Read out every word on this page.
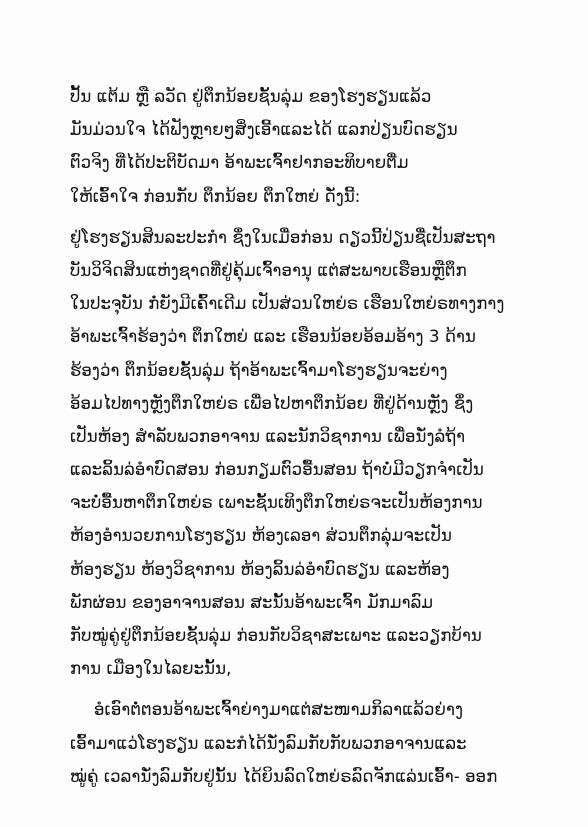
ປັ້ນ ແຕ້ມ ຫຼື ລວັດ ຢູ່ຕຶກນ້ອຍຊັ້ນລຸ່ມ ຂອງໂຮງຮຽນແລ້ວ
ມັນມ່ວນໃຈ ໄດ້ຟັງຫຼາຍໆສິ່ງເອີ້າແລະໄດ້ ແລກປ່ຽນບົດຮຽນ
ຕົວຈິງ ທີ່ໄດ້ປະຕິບັດມາ ອ້າພະເຈົ້າຢາກອະທິບາຍຕື່ມ
ໃຫ້ເອົ້າໃຈ ກ່ອນກັບ ຕຶກນ້ອຍ ຕຶກໃຫຍ່ ດັ່ງນີ້:
ຢູ່ໂຮງຮຽນສິນລະປະກຳ ຊຶ່ງໃນເມື່ອກ່ອນ ດຽວນີ້ປ່ຽນຊື່ເປັນສະຖາ
ບັນວິຈິດສິນແຫ່ງຊາດທີ່ຢູ່ຄຸ້ມເຈົ້າອານຸ ແຕ່ສະພາບເຮືອນຫຼືຕຶກ
ໃນປະຈຸບັນ ກໍ່ຍັງມີເຄົ້າເດີມ ເປັນສ່ວນໃຫຍ່ຣ ເຮືອນໃຫຍ່ຣທາງກາງ
ອ້າພະເຈົ້າຮ້ອງວ່າ ຕຶກໃຫຍ່ ແລະ ເຮືອນນ້ອຍອ້ອມອ້າງ 3 ດ້ານ
ຮ້ອງວ່າ ຕຶກນ້ອຍຊັ້ນລຸ່ມ ຖ້າອ້າພະເຈົ້າມາໂຮງຮຽນຈະຍ່າງ
ອ້ອມໄປທາງຫຼັງຕຶກໃຫຍ່ຣ ເພື່ອໄປຫາຕຶກນ້ອຍ ທີ່ຢູ່ດ້ານຫຼັງ ຊຶ່ງ
ເປັນຫ້ອງ ສຳລັບພວກອາຈານ ແລະນັກວິຊາການ ເພື່ອນັ່ງລໍຖ້າ
ແລະລິ້ນລ່ອຳບົດສອນ ກ່ອນກຽມຕົວອື້ນສອນ ຖ້າບໍ່ມີວຽກຈຳເປັນ
ຈະບໍ່ອື້ນຫາຕຶກໃຫຍ່ຣ ເພາະຊັ້ນເທິງຕຶກໃຫຍ່ຣຈະເປັນຫ້ອງການ
ຫ້ອງອຳນວຍການໂຮງຮຽນ ຫ້ອງເລອາ ສ່ວນຕຶກລຸ່ມຈະເປັນ
ຫ້ອງຮຽນ ຫ້ອງວິຊາການ ຫ້ອງລິ້ນລ່ອຳບົດຮຽນ ແລະຫ້ອງ
ພັກຜ່ອນ ຂອງອາຈານສອນ ສະນັ້ນອ້າພະເຈົ້າ ມັກມາລົມ
ກັບໝູ່ຄູ່ຢູ່ຕຶກນ້ອຍຊັ້ນລຸ່ມ ກ່ອນກັບວິຊາສະເພາະ ແລະວຽກບ້ານ
ການ ເມືອງໃນໄລຍະນັ້ນ,
ອໍເອົາຕໍ່ຕອນອ້າພະເຈົ້າຍ່າງມາແຕ່ສະໜາມກິລາແລ້ວຍ່າງ
ເອົ້າມາແວ່ໂຮງຮຽນ ແລະກໍໄດ້ນັ່ງລົມກັບກັບພວກອາຈານແລະ
ໝູ່ຄູ່ ເວລານັ່ງລົມກັບຢູ່ນັ້ນ ໄດ້ຍິນລົດໃຫຍ່ຣລົດຈັກແລ່ນເອົ້າ- ອອກ
